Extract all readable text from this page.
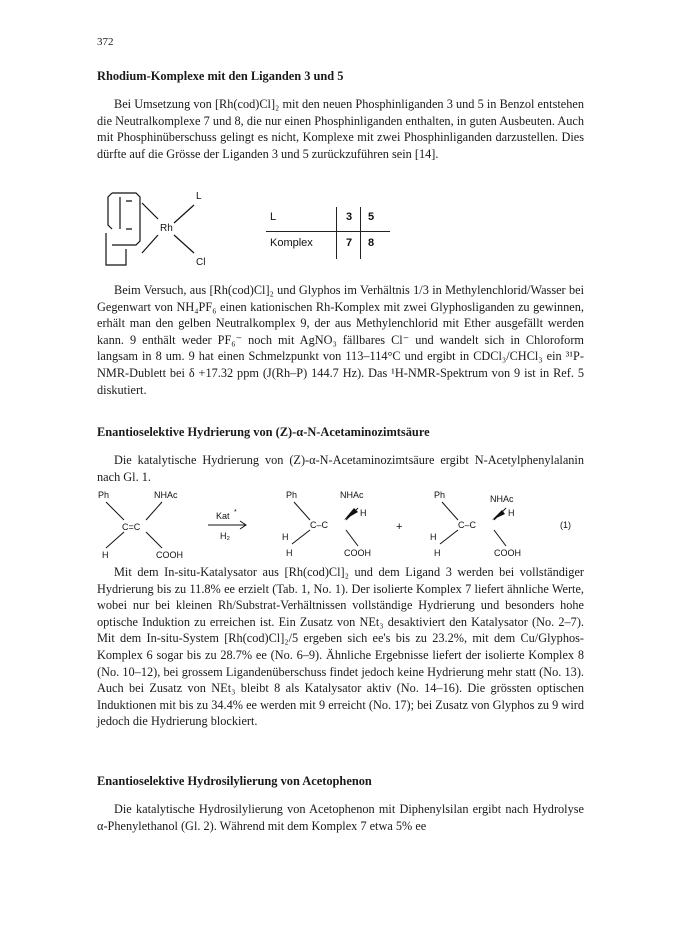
372
Rhodium-Komplexe mit den Liganden 3 und 5

Bei Umsetzung von [Rh(cod)Cl]₂ mit den neuen Phosphinliganden 3 und 5 in Benzol entstehen die Neutralkomplexe 7 und 8, die nur einen Phosphinliganden enthalten, in guten Ausbeuten. Auch mit Phosphinüberschuss gelingt es nicht, Komplexe mit zwei Phosphinliganden darzustellen. Dies dürfte auf die Grösse der Liganden 3 und 5 zurückzuführen sein [14].

Rh
L
Cl
L	3 5
Komplex	7 8

Beim Versuch, aus [Rh(cod)Cl]₂ und Glyphos im Verhältnis 1/3 in Methylenchlorid/Wasser bei Gegenwart von NH₄PF₆ einen kationischen Rh-Komplex mit zwei Glyphosliganden zu gewinnen, erhält man den gelben Neutralkomplex 9, der aus Methylenchlorid mit Ether ausgefällt werden kann. 9 enthält weder PF₆⁻ noch mit AgNO₃ fällbares Cl⁻ und wandelt sich in Chloroform langsam in 8 um. 9 hat einen Schmelzpunkt von 113–114°C und ergibt in CDCl₃/CHCl₃ ein ³¹P-NMR-Dublett bei δ +17.32 ppm (J(Rh–P) 144.7 Hz). Das ¹H-NMR-Spektrum von 9 ist in Ref. 5 diskutiert.

Enantioselektive Hydrierung von (Z)-α-N-Acetaminozimtsäure

Die katalytische Hydrierung von (Z)-α-N-Acetaminozimtsäure ergibt N-Acetylphenylalanin nach Gl. 1.

Ph	NHAc
C=C
H	COOH
Kat *
H₂
Ph	NHAc
C–C
H
H
H	COOH
+
Ph	NHAc
C–C
H
H
H	COOH
(1)

Mit dem In-situ-Katalysator aus [Rh(cod)Cl]₂ und dem Ligand 3 werden bei vollständiger Hydrierung bis zu 11.8% ee erzielt (Tab. 1, No. 1). Der isolierte Komplex 7 liefert ähnliche Werte, wobei nur bei kleinen Rh/Substrat-Verhältnissen vollständige Hydrierung und besonders hohe optische Induktion zu erreichen ist. Ein Zusatz von NEt₃ desaktiviert den Katalysator (No. 2–7). Mit dem In-situ-System [Rh(cod)Cl]₂/5 ergeben sich ee's bis zu 23.2%, mit dem Cu/Glyphos-Komplex 6 sogar bis zu 28.7% ee (No. 6–9). Ähnliche Ergebnisse liefert der isolierte Komplex 8 (No. 10–12), bei grossem Ligandenüberschuss findet jedoch keine Hydrierung mehr statt (No. 13). Auch bei Zusatz von NEt₃ bleibt 8 als Katalysator aktiv (No. 14–16). Die grössten optischen Induktionen mit bis zu 34.4% ee werden mit 9 erreicht (No. 17); bei Zusatz von Glyphos zu 9 wird jedoch die Hydrierung blockiert.

Enantioselektive Hydrosilylierung von Acetophenon

Die katalytische Hydrosilylierung von Acetophenon mit Diphenylsilan ergibt nach Hydrolyse α-Phenylethanol (Gl. 2). Während mit dem Komplex 7 etwa 5% ee
